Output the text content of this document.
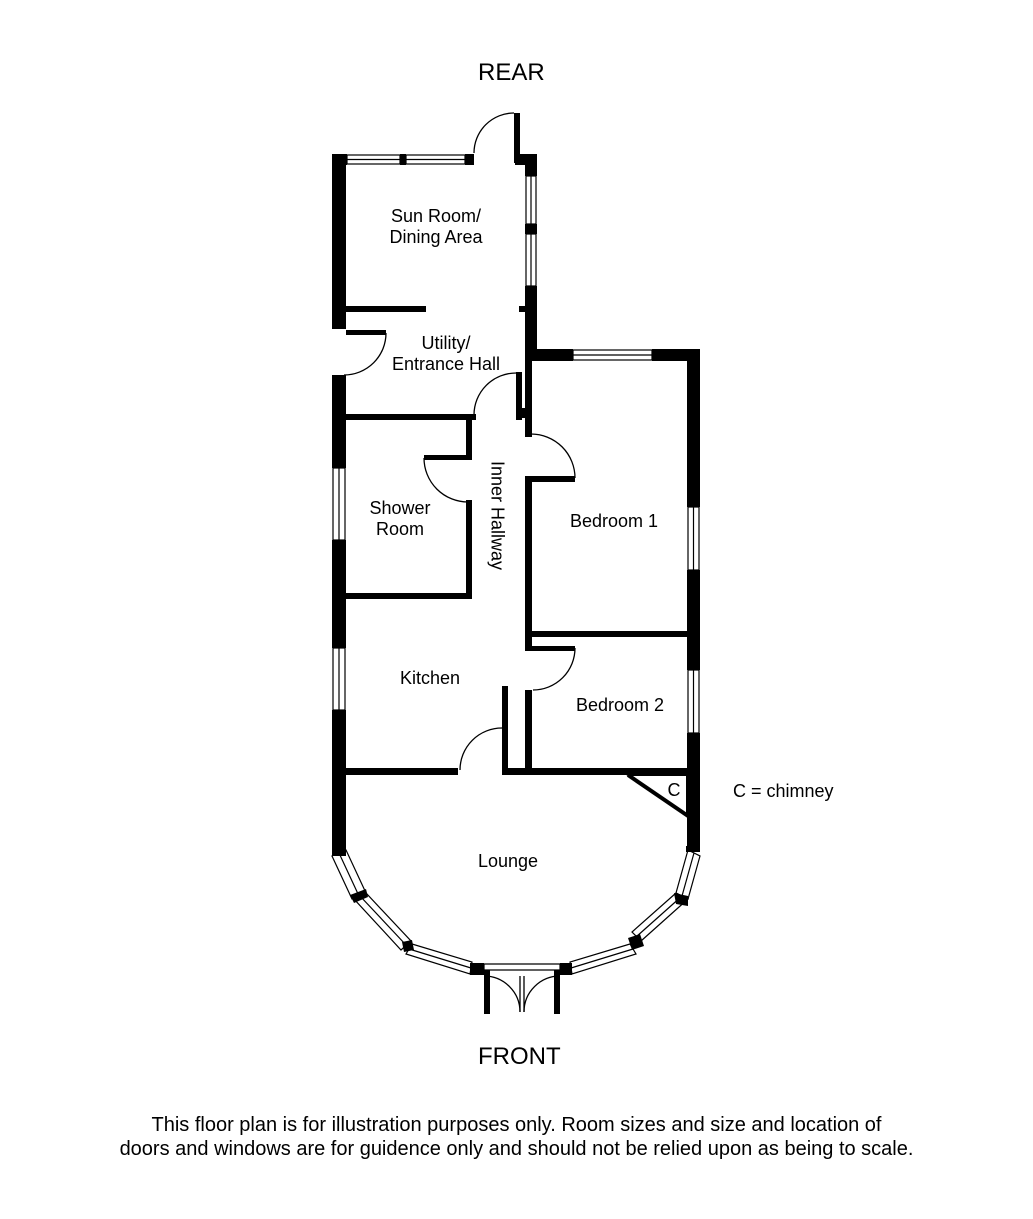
REAR
Sun Room/
Dining Area
Utility/
Entrance Hall
Inner Hallway
Shower
Room	Bedroom 1
Kitchen
Bedroom 2
C	C = chimney
Lounge
FRONT
This floor plan is for illustration purposes only. Room sizes and size and location of
doors and windows are for guidence only and should not be relied upon as being to scale.
